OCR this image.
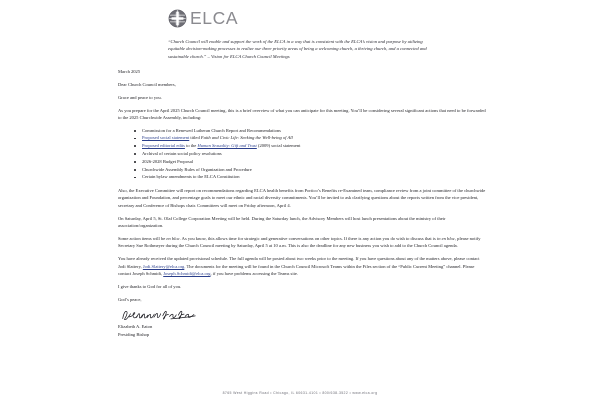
ELCA

“Church Council will enable and support the work of the ELCA in a way that is consistent with the ELCA’s vision and purpose by utilizing equitable decision-making processes to realize our three priority areas of being a welcoming church, a thriving church, and a connected and sustainable church.” – Vision for ELCA Church Council Meetings

March 2025

Dear Church Council members,

Grace and peace to you.

As you prepare for the April 2025 Church Council meeting, this is a brief overview of what you can anticipate for this meeting. You’ll be considering several significant actions that need to be forwarded to the 2025 Churchwide Assembly, including:

Commission for a Renewed Lutheran Church Report and Recommendations
Proposed social statement titled Faith and Civic Life: Seeking the Well-being of All
Proposed editorial edits to the Human Sexuality: Gift and Trust (2009) social statement
Archival of certain social policy resolutions
2026-2028 Budget Proposal
Churchwide Assembly Rules of Organization and Procedure
Certain bylaw amendments to the ELCA Constitution

Also, the Executive Committee will report on recommendations regarding ELCA health benefits from Portico’s Benefits re-Examined team, compliance review from a joint committee of the churchwide organization and Foundation, and percentage goals to meet our ethnic and racial diversity commitments. You’ll be invited to ask clarifying questions about the reports written from the vice president, secretary and Conference of Bishops chair. Committees will meet on Friday afternoon, April 4.

On Saturday, April 5, St. Olaf College Corporation Meeting will be held. During the Saturday lunch, the Advisory Members will host lunch presentations about the ministry of their association/organization.

Some action items will be en bloc. As you know, this allows time for strategic and generative conversations on other topics. If there is any action you do wish to discuss that is in en bloc, please notify Secretary Sue Rothmeyer during the Church Council meeting by Saturday, April 5 at 10 a.m. This is also the deadline for any new business you wish to add to the Church Council agenda.

You have already received the updated provisional schedule. The full agenda will be posted about two weeks prior to the meeting. If you have questions about any of the matters above, please contact Jodi Slattery, Jodi.Slattery@elca.org. The documents for the meeting will be found in the Church Council Microsoft Teams within the Files section of the “Public Current Meeting” channel. Please contact Joseph Schmidt, Joseph.Schmidt@elca.org, if you have problems accessing the Teams site.

I give thanks to God for all of you.

God’s peace,

Elizabeth A. Eaton

Presiding Bishop

8765 West Higgins Road • Chicago, IL 60631-4101 • 800/638-3522 • www.elca.org
